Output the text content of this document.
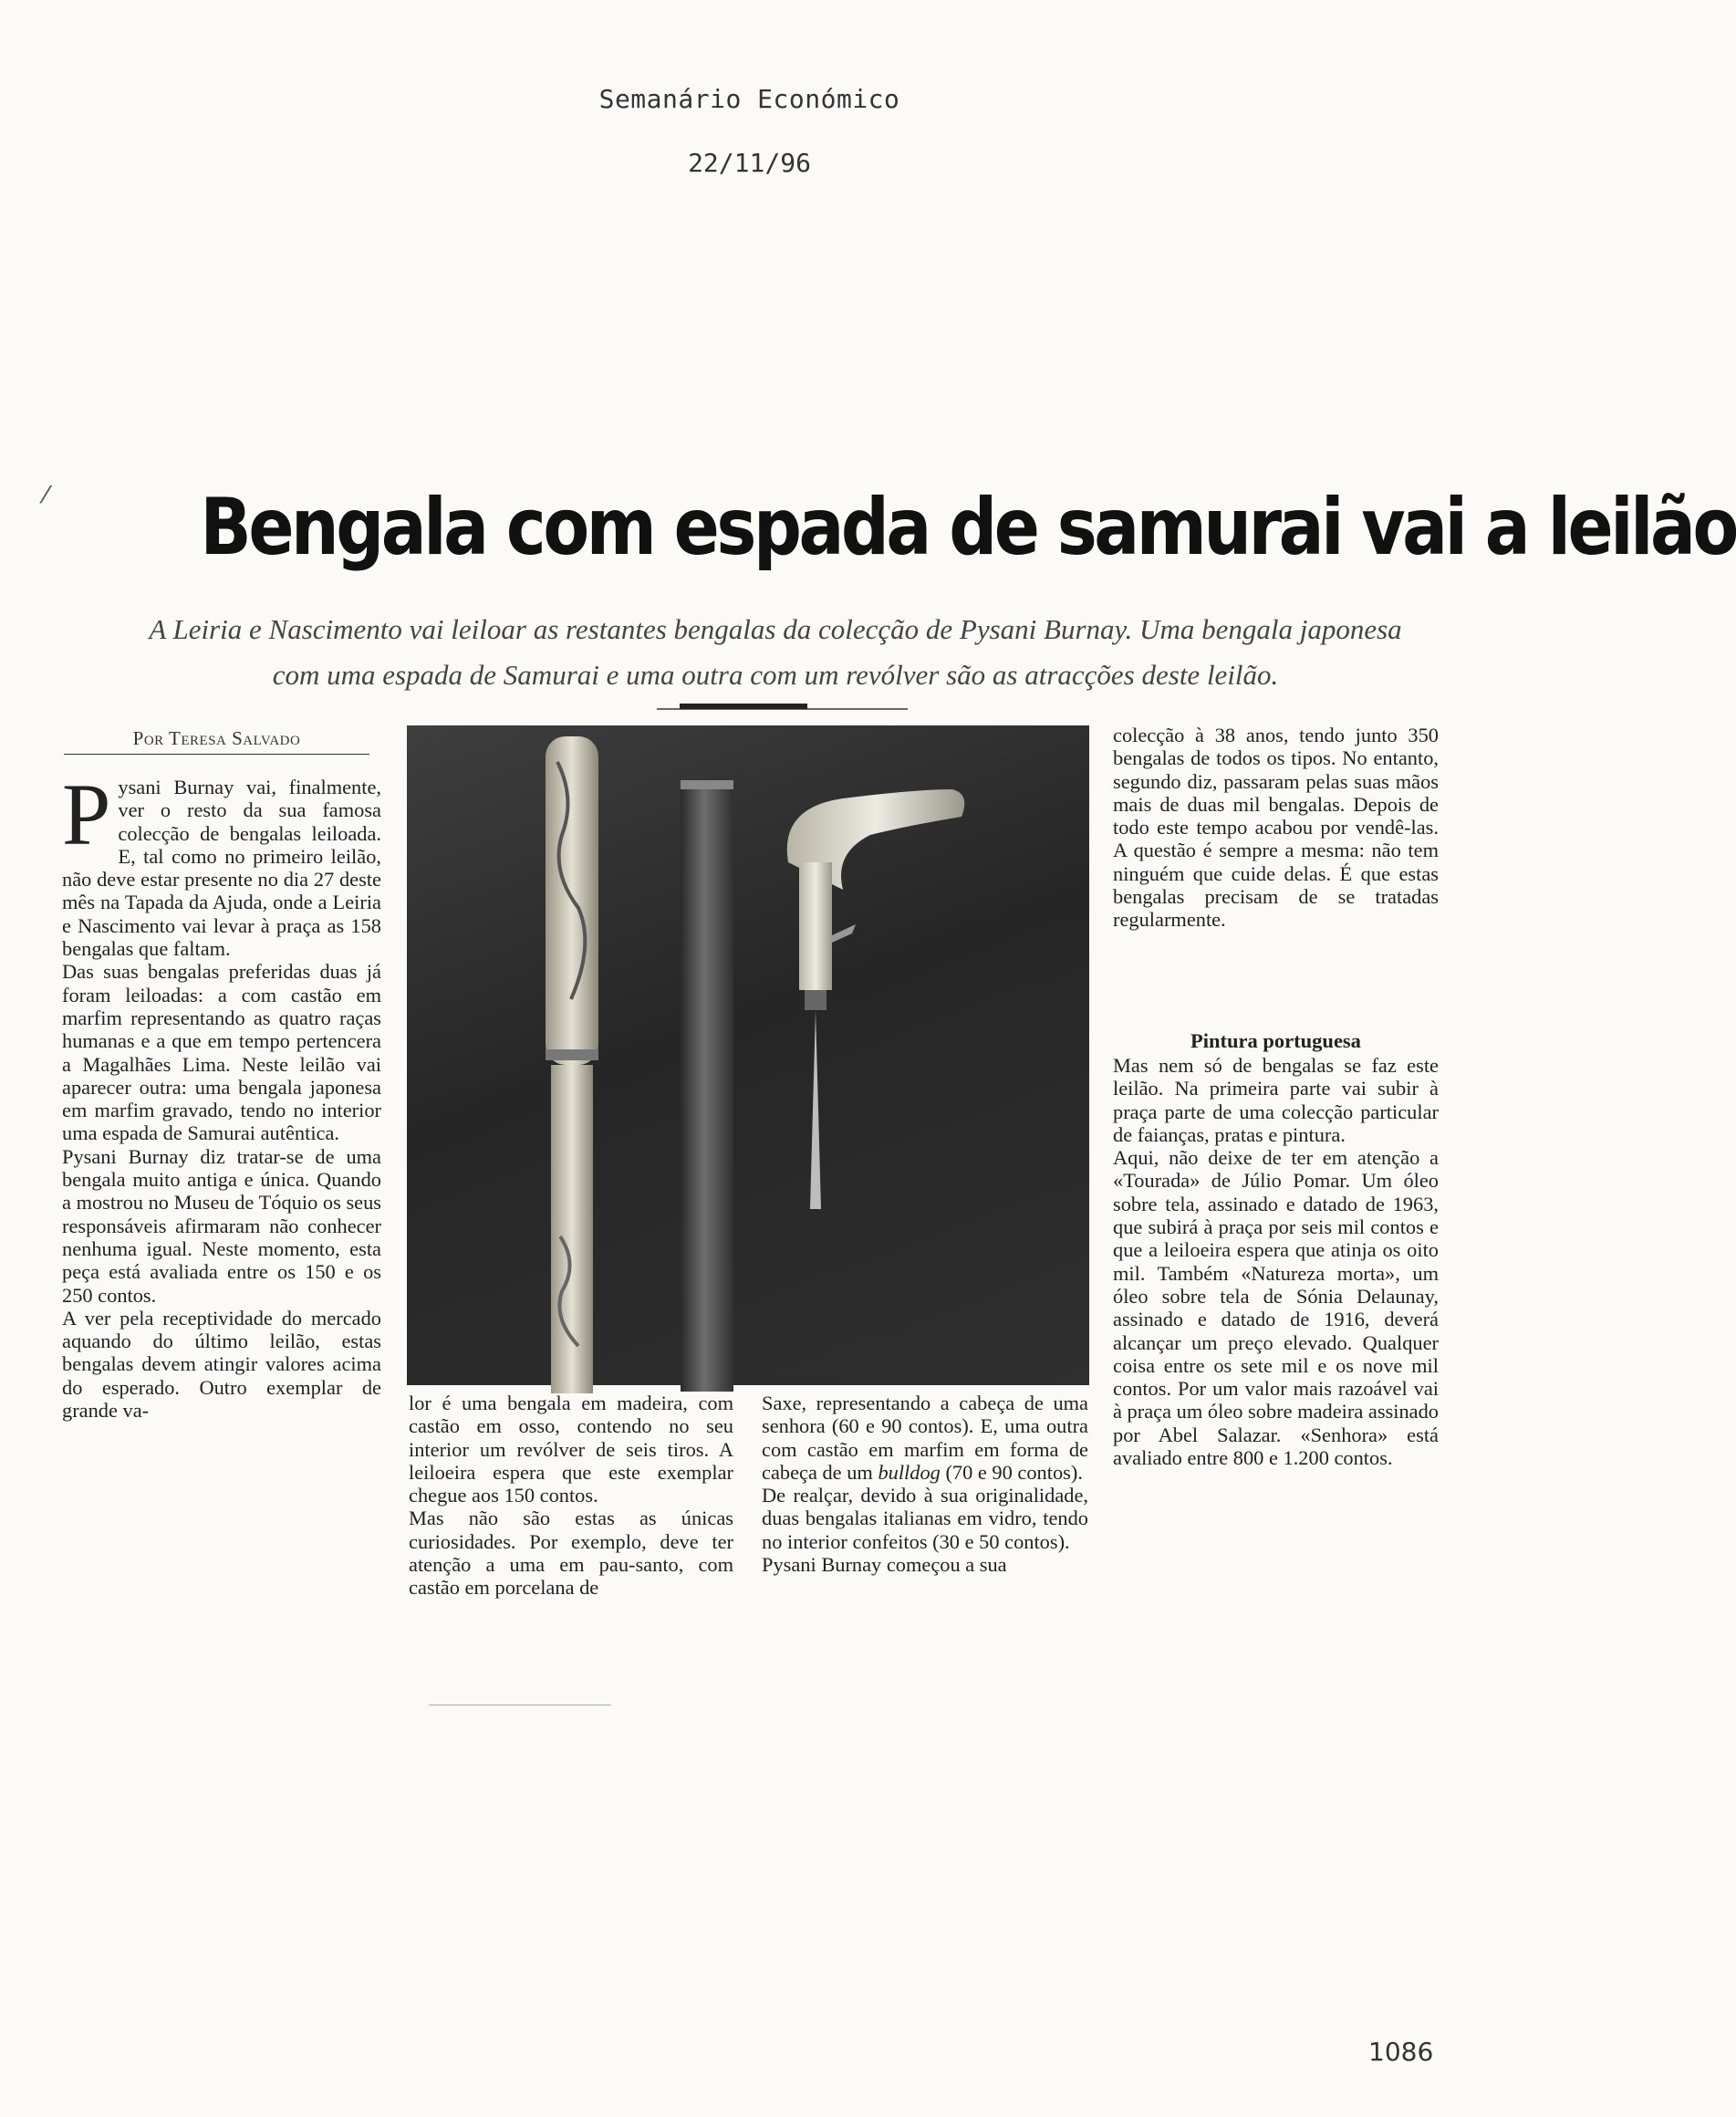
Semanário Económico
22/11/96
⁄ Bengala com espada de samurai vai a leilão
A Leiria e Nascimento vai leiloar as restantes bengalas da colecção de Pysani Burnay. Uma bengala japonesa com uma espada de Samurai e uma outra com um revólver são as atracções deste leilão.
Por Teresa Salvado

Pysani Burnay vai, finalmente, ver o resto da sua famosa colecção de bengalas leiloada. E, tal como no primeiro leilão, não deve estar presente no dia 27 deste mês na Tapada da Ajuda, onde a Leiria e Nascimento vai levar à praça as 158 bengalas que faltam.

Das suas bengalas preferidas duas já foram leiloadas: a com castão em marfim representando as quatro raças humanas e a que em tempo pertencera a Magalhães Lima. Neste leilão vai aparecer outra: uma bengala japonesa em marfim gravado, tendo no interior uma espada de Samurai autêntica.

Pysani Burnay diz tratar-se de uma bengala muito antiga e única. Quando a mostrou no Museu de Tóquio os seus responsáveis afirmaram não conhecer nenhuma igual. Neste momento, esta peça está avaliada entre os 150 e os 250 contos.

A ver pela receptividade do mercado aquando do último leilão, estas bengalas devem atingir valores acima do esperado. Outro exemplar de grande va-	lor é uma bengala em madeira, com castão em osso, contendo no seu interior um revólver de seis tiros. A leiloeira espera que este exemplar chegue aos 150 contos.

Mas não são estas as únicas curiosidades. Por exemplo, deve ter atenção a uma em pau-santo, com castão em porcelana de

Saxe, representando a cabeça de uma senhora (60 e 90 contos). E, uma outra com castão em marfim em forma de cabeça de um bulldog (70 e 90 contos).

De realçar, devido à sua originalidade, duas bengalas italianas em vidro, tendo no interior confeitos (30 e 50 contos).

Pysani Burnay começou a sua

colecção à 38 anos, tendo junto 350 bengalas de todos os tipos. No entanto, segundo diz, passaram pelas suas mãos mais de duas mil bengalas. Depois de todo este tempo acabou por vendê-las. A questão é sempre a mesma: não tem ninguém que cuide delas. É que estas bengalas precisam de se tratadas regularmente.

Pintura portuguesa

Mas nem só de bengalas se faz este leilão. Na primeira parte vai subir à praça parte de uma colecção particular de faianças, pratas e pintura.

Aqui, não deixe de ter em atenção a «Tourada» de Júlio Pomar. Um óleo sobre tela, assinado e datado de 1963, que subirá à praça por seis mil contos e que a leiloeira espera que atinja os oito mil. Também «Natureza morta», um óleo sobre tela de Sónia Delaunay, assinado e datado de 1916, deverá alcançar um preço elevado. Qualquer coisa entre os sete mil e os nove mil contos. Por um valor mais razoável vai à praça um óleo sobre madeira assinado por Abel Salazar. «Senhora» está avaliado entre 800 e 1.200 contos.

1086
